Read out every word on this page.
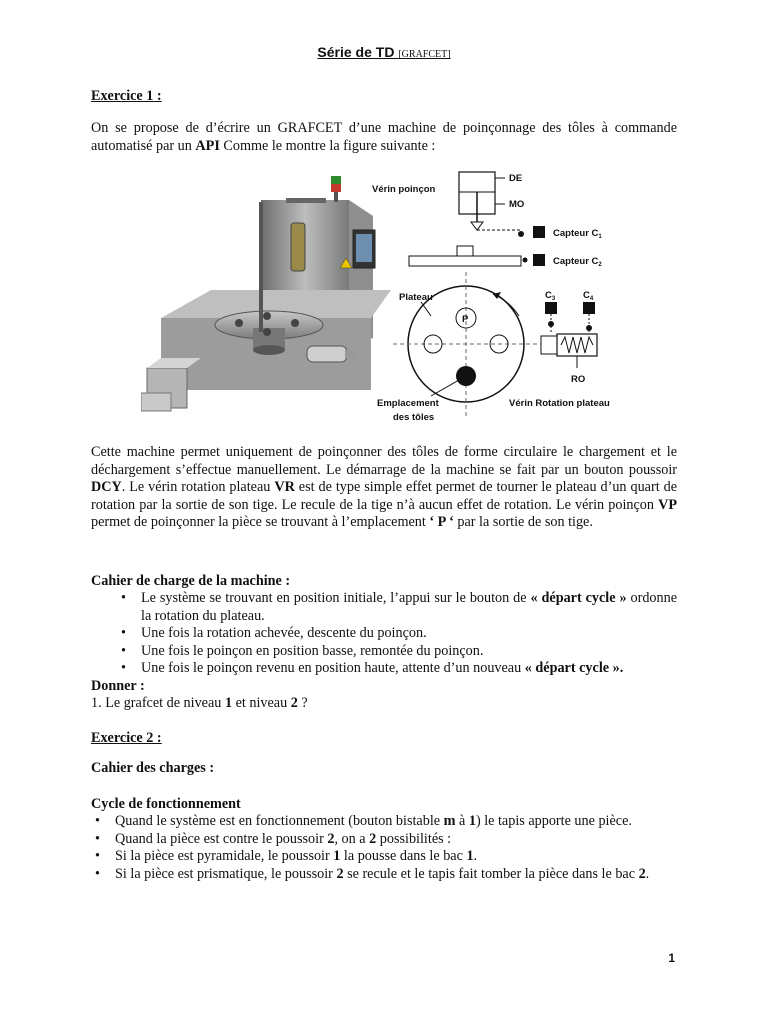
Série de TD [GRAFCET]
Exercice 1 :
On se propose de d’écrire un GRAFCET d’une machine de poinçonnage des tôles à commande automatisé par un API Comme le montre la figure suivante :
Vérin poinçon
DE
MO
Capteur $C_1$
Capteur $C_2$
P
Plateau
Emplacement
des tôles
RO
$C_3$	$C_4$
Vérin Rotation plateau
Cette machine permet uniquement de poinçonner des tôles de forme circulaire le chargement et le déchargement s’effectue manuellement. Le démarrage de la machine se fait par un bouton poussoir DCY. Le vérin rotation plateau VR est de type simple effet permet de tourner le plateau d’un quart de rotation par la sortie de son tige. Le recule de la tige n’à aucun effet de rotation. Le vérin poinçon VP permet de poinçonner la pièce se trouvant à l’emplacement ‘ P ‘ par la sortie de son tige.
Cahier de charge de la machine :
• Le système se trouvant en position initiale, l’appui sur le bouton de « départ cycle » ordonne la rotation du plateau.
• Une fois la rotation achevée, descente du poinçon.
• Une fois le poinçon en position basse, remontée du poinçon.
• Une fois le poinçon revenu en position haute, attente d’un nouveau « départ cycle ».
Donner :
1. Le grafcet de niveau 1 et niveau 2 ?
Exercice 2 :
Cahier des charges :
Cycle de fonctionnement
• Quand le système est en fonctionnement (bouton bistable m à 1) le tapis apporte une pièce.
• Quand la pièce est contre le poussoir 2, on a 2 possibilités :
• Si la pièce est pyramidale, le poussoir 1 la pousse dans le bac 1.
• Si la pièce est prismatique, le poussoir 2 se recule et le tapis fait tomber la pièce dans le bac 2.
1
